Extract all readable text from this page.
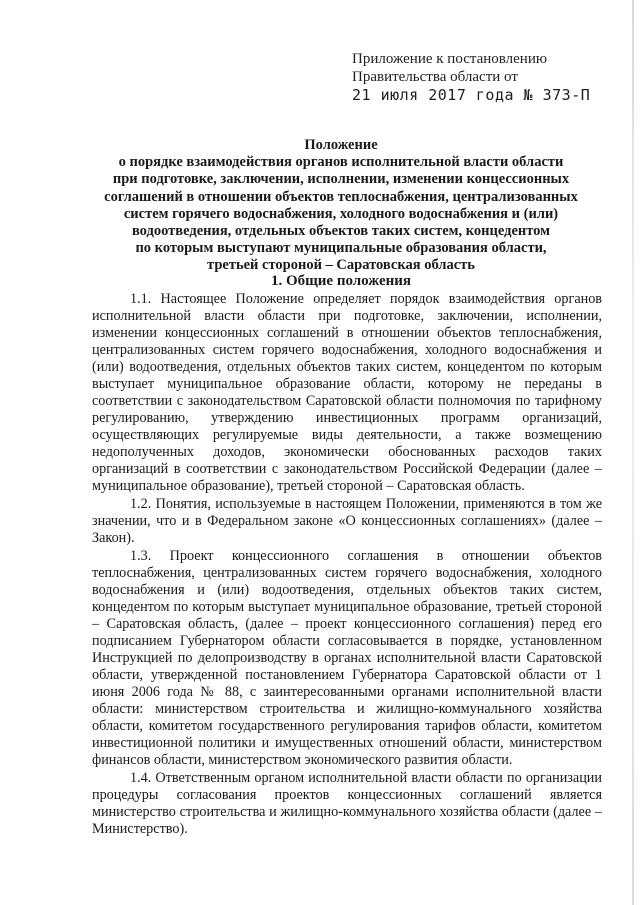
Приложение к постановлению
Правительства области от
21 июля 2017 года № 373-П
Положение
о порядке взаимодействия органов исполнительной власти области
при подготовке, заключении, исполнении, изменении концессионных
соглашений в отношении объектов теплоснабжения, централизованных
систем горячего водоснабжения, холодного водоснабжения и (или)
водоотведения, отдельных объектов таких систем, концедентом
по которым выступают муниципальные образования области,
третьей стороной – Саратовская область
1. Общие положения

1.1. Настоящее Положение определяет порядок взаимодействия органов исполнительной власти области при подготовке, заключении, исполнении, изменении концессионных соглашений в отношении объектов теплоснабжения, централизованных систем горячего водоснабжения, холодного водоснабжения и (или) водоотведения, отдельных объектов таких систем, концедентом по которым выступает муниципальное образование области, которому не переданы в соответствии с законодательством Саратовской области полномочия по тарифному регулированию, утверждению инвестиционных программ организаций, осуществляющих регулируемые виды деятельности, а также возмещению недополученных доходов, экономически обоснованных расходов таких организаций в соответствии с законодательством Российской Федерации (далее – муниципальное образование), третьей стороной – Саратовская область.

1.2. Понятия, используемые в настоящем Положении, применяются в том же значении, что и в Федеральном законе «О концессионных соглашениях» (далее – Закон).

1.3. Проект концессионного соглашения в отношении объектов теплоснабжения, централизованных систем горячего водоснабжения, холодного водоснабжения и (или) водоотведения, отдельных объектов таких систем, концедентом по которым выступает муниципальное образование, третьей стороной – Саратовская область, (далее – проект концессионного соглашения) перед его подписанием Губернатором области согласовывается в порядке, установленном Инструкцией по делопроизводству в органах исполнительной власти Саратовской области, утвержденной постановлением Губернатора Саратовской области от 1 июня 2006 года № 88, с заинтересованными органами исполнительной власти области: министерством строительства и жилищно-коммунального хозяйства области, комитетом государственного регулирования тарифов области, комитетом инвестиционной политики и имущественных отношений области, министерством финансов области, министерством экономического развития области.

1.4. Ответственным органом исполнительной власти области по организации процедуры согласования проектов концессионных соглашений является министерство строительства и жилищно-коммунального хозяйства области (далее – Министерство).
